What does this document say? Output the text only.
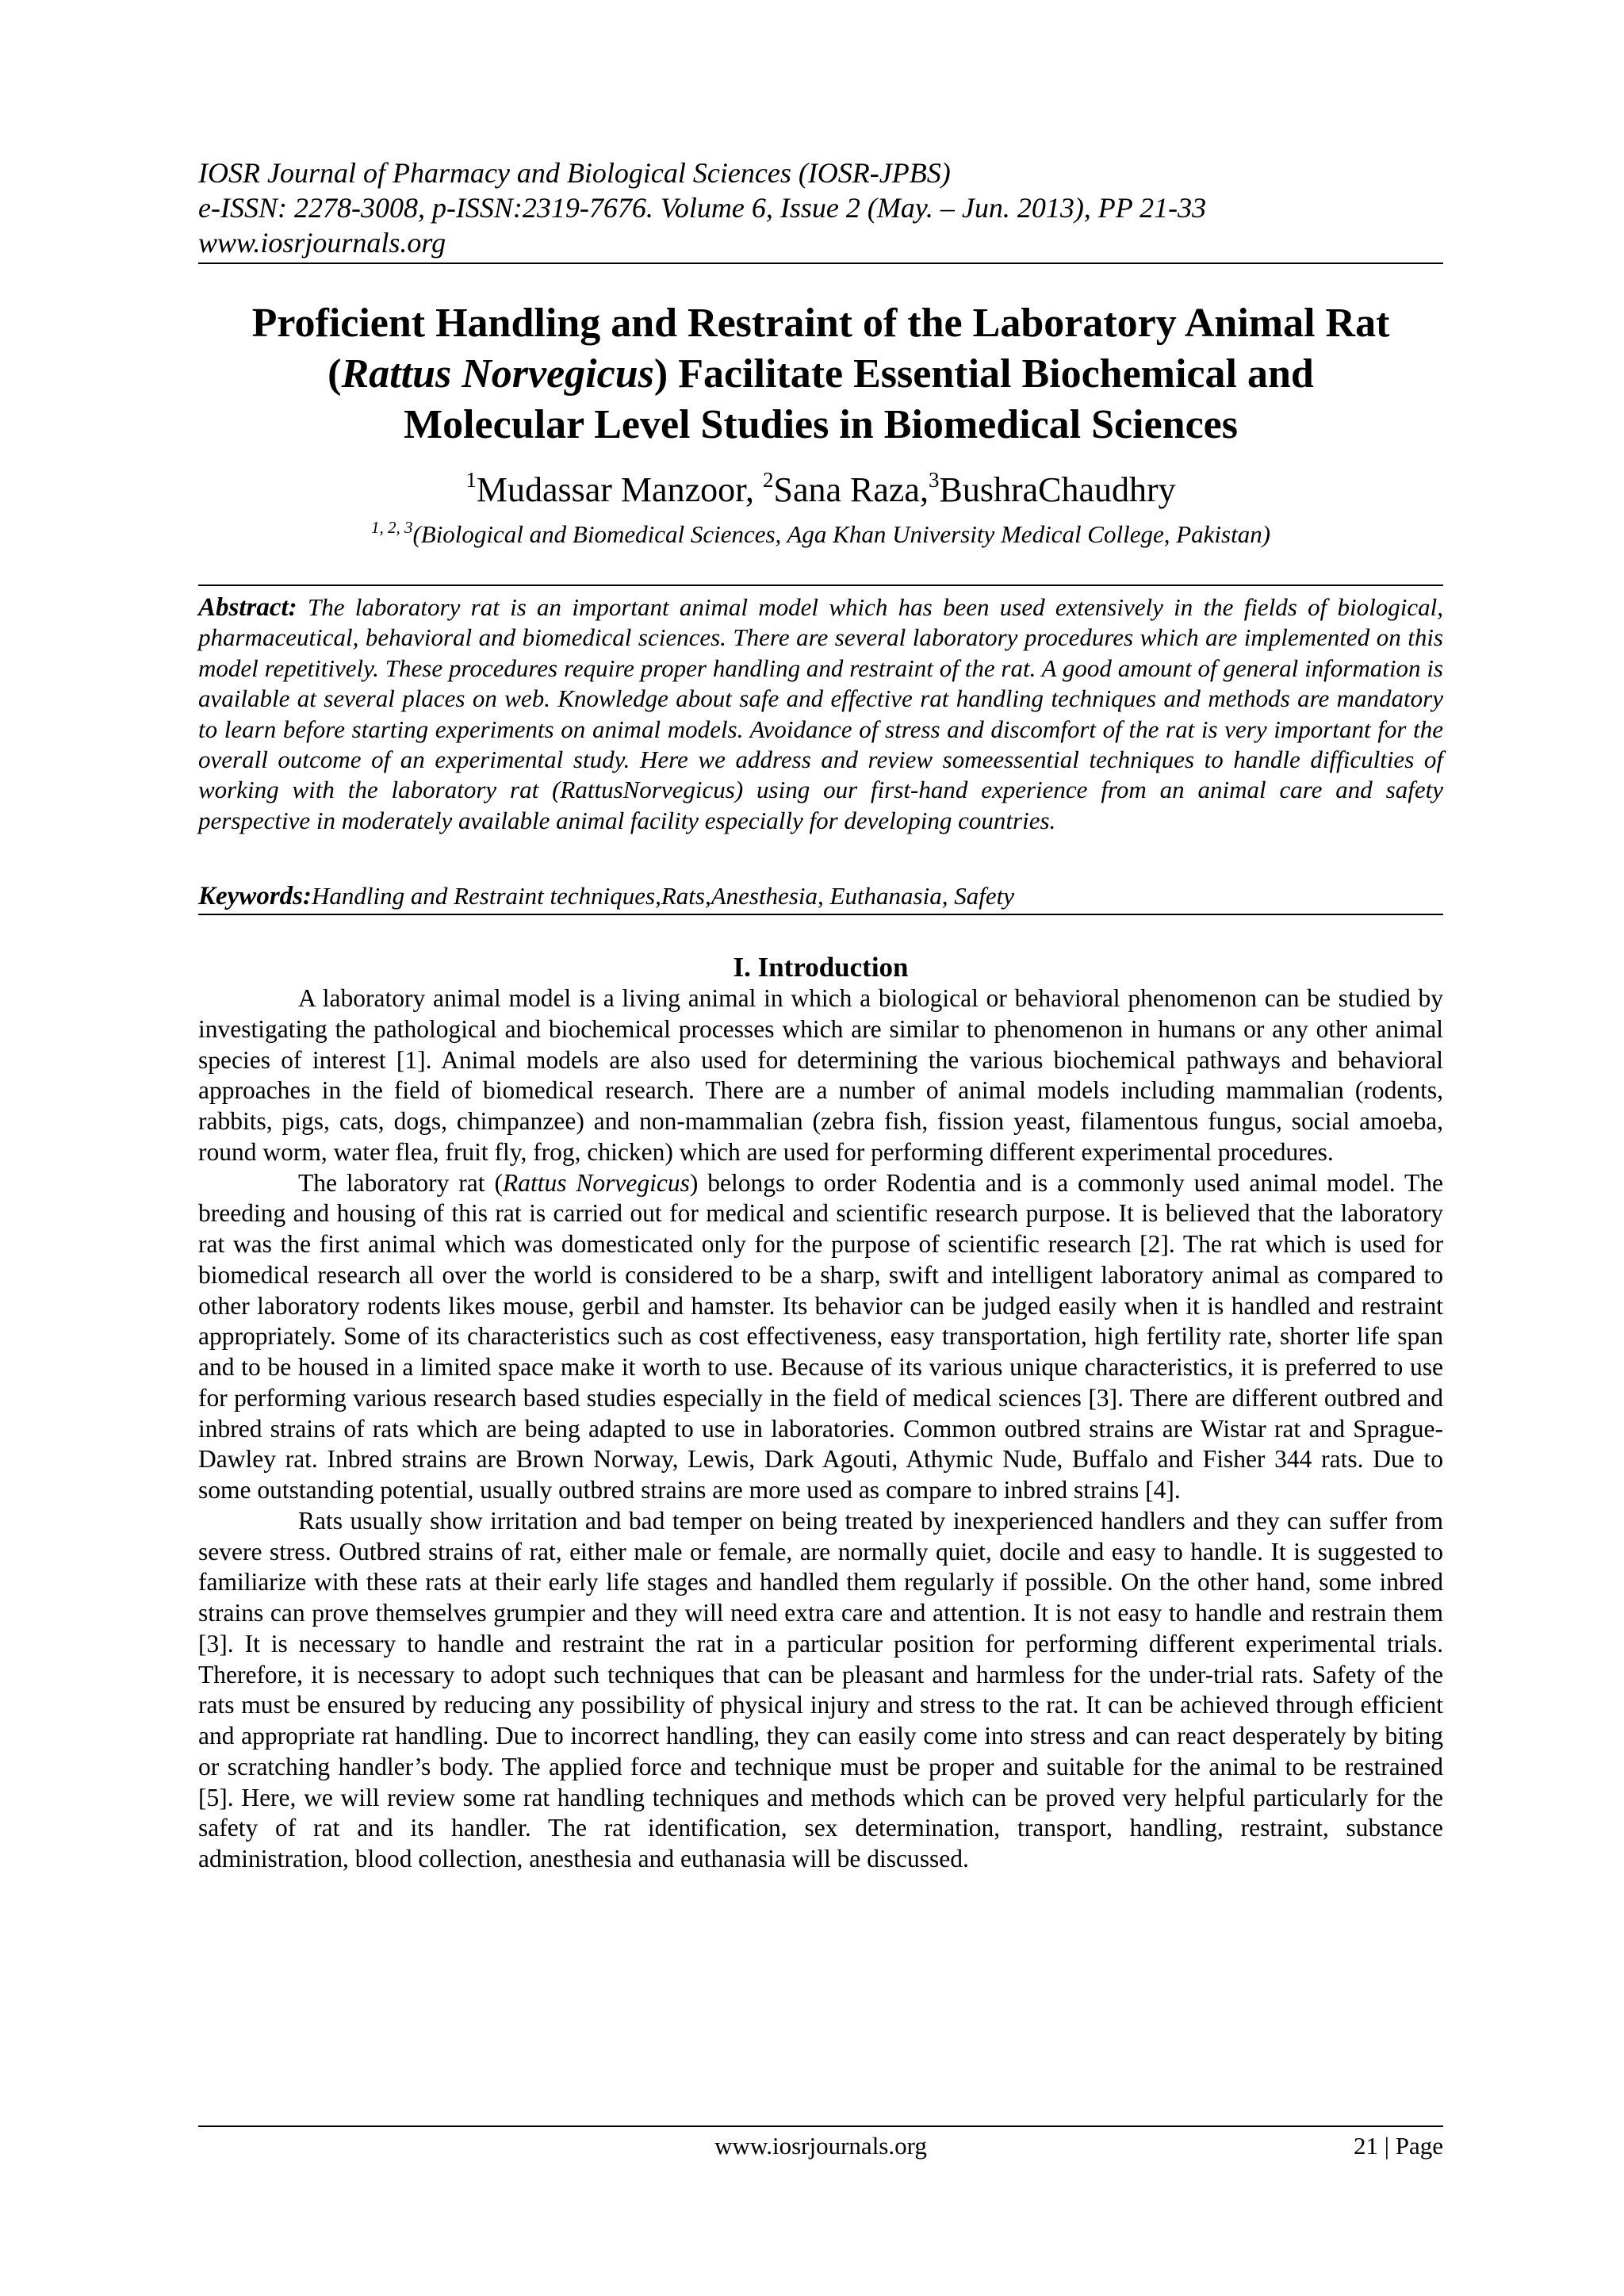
IOSR Journal of Pharmacy and Biological Sciences (IOSR-JPBS)
e-ISSN: 2278-3008, p-ISSN:2319-7676. Volume 6, Issue 2 (May. – Jun. 2013), PP 21-33
www.iosrjournals.org
Proficient Handling and Restraint of the Laboratory Animal Rat
(Rattus Norvegicus) Facilitate Essential Biochemical and
Molecular Level Studies in Biomedical Sciences
$^1$Mudassar Manzoor, $^2$Sana Raza,$^3$BushraChaudhry
$^{1, 2, 3}$(Biological and Biomedical Sciences, Aga Khan University Medical College, Pakistan)
Abstract: The laboratory rat is an important animal model which has been used extensively in the fields of biological, pharmaceutical, behavioral and biomedical sciences. There are several laboratory procedures which are implemented on this model repetitively. These procedures require proper handling and restraint of the rat. A good amount of general information is available at several places on web. Knowledge about safe and effective rat handling techniques and methods are mandatory to learn before starting experiments on animal models. Avoidance of stress and discomfort of the rat is very important for the overall outcome of an experimental study. Here we address and review someessential techniques to handle difficulties of working with the laboratory rat (RattusNorvegicus) using our first-hand experience from an animal care and safety perspective in moderately available animal facility especially for developing countries.
Keywords:Handling and Restraint techniques,Rats,Anesthesia, Euthanasia, Safety
I. Introduction

A laboratory animal model is a living animal in which a biological or behavioral phenomenon can be studied by investigating the pathological and biochemical processes which are similar to phenomenon in humans or any other animal species of interest [1]. Animal models are also used for determining the various biochemical pathways and behavioral approaches in the field of biomedical research. There are a number of animal models including mammalian (rodents, rabbits, pigs, cats, dogs, chimpanzee) and non-mammalian (zebra fish, fission yeast, filamentous fungus, social amoeba, round worm, water flea, fruit fly, frog, chicken) which are used for performing different experimental procedures.

The laboratory rat (Rattus Norvegicus) belongs to order Rodentia and is a commonly used animal model. The breeding and housing of this rat is carried out for medical and scientific research purpose. It is believed that the laboratory rat was the first animal which was domesticated only for the purpose of scientific research [2]. The rat which is used for biomedical research all over the world is considered to be a sharp, swift and intelligent laboratory animal as compared to other laboratory rodents likes mouse, gerbil and hamster. Its behavior can be judged easily when it is handled and restraint appropriately. Some of its characteristics such as cost effectiveness, easy transportation, high fertility rate, shorter life span and to be housed in a limited space make it worth to use. Because of its various unique characteristics, it is preferred to use for performing various research based studies especially in the field of medical sciences [3]. There are different outbred and inbred strains of rats which are being adapted to use in laboratories. Common outbred strains are Wistar rat and Sprague-Dawley rat. Inbred strains are Brown Norway, Lewis, Dark Agouti, Athymic Nude, Buffalo and Fisher 344 rats. Due to some outstanding potential, usually outbred strains are more used as compare to inbred strains [4].

Rats usually show irritation and bad temper on being treated by inexperienced handlers and they can suffer from severe stress. Outbred strains of rat, either male or female, are normally quiet, docile and easy to handle. It is suggested to familiarize with these rats at their early life stages and handled them regularly if possible. On the other hand, some inbred strains can prove themselves grumpier and they will need extra care and attention. It is not easy to handle and restrain them [3]. It is necessary to handle and restraint the rat in a particular position for performing different experimental trials. Therefore, it is necessary to adopt such techniques that can be pleasant and harmless for the under-trial rats. Safety of the rats must be ensured by reducing any possibility of physical injury and stress to the rat. It can be achieved through efficient and appropriate rat handling. Due to incorrect handling, they can easily come into stress and can react desperately by biting or scratching handler’s body. The applied force and technique must be proper and suitable for the animal to be restrained [5]. Here, we will review some rat handling techniques and methods which can be proved very helpful particularly for the safety of rat and its handler. The rat identification, sex determination, transport, handling, restraint, substance administration, blood collection, anesthesia and euthanasia will be discussed.

www.iosrjournals.org	21 | Page
